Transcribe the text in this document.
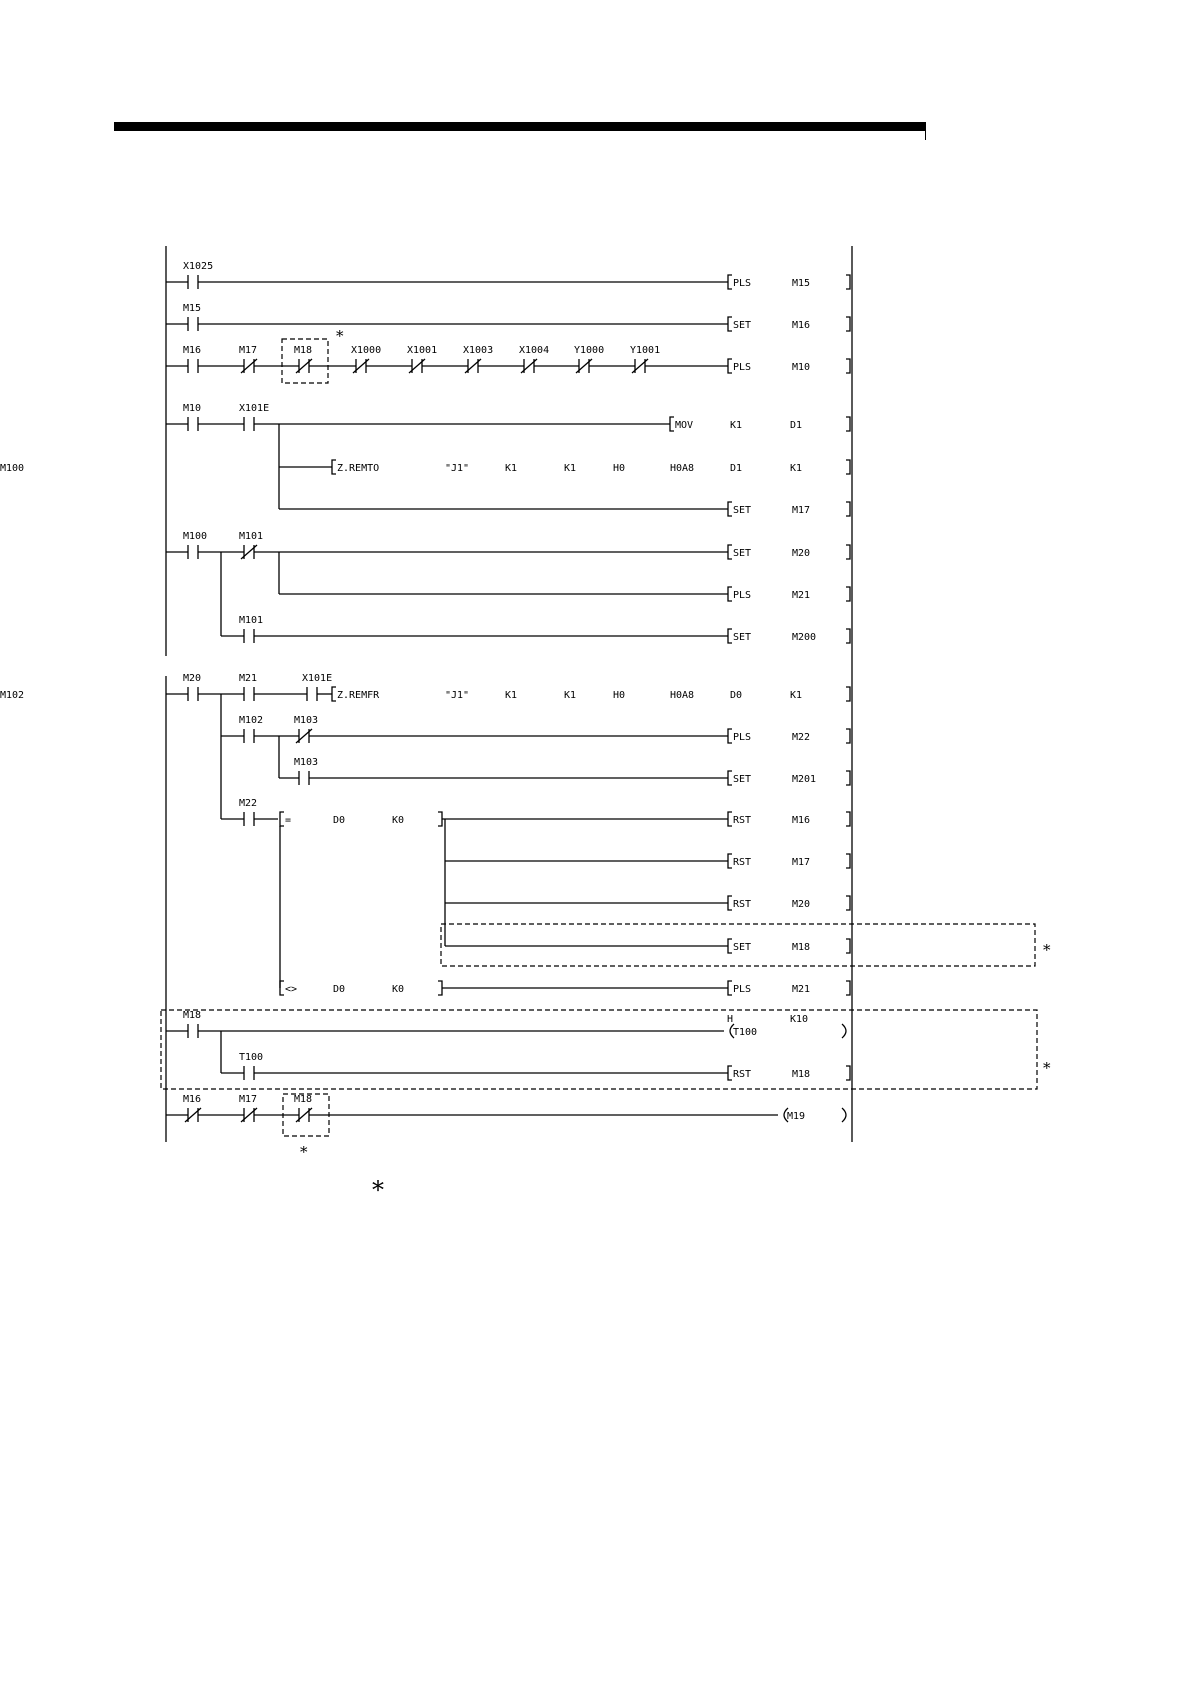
X1025
PLS	M15
M15
SET	M16
M16	M17	M18	X1000	X1001	X1003	X1004 Y1000	Y1001
*
PLS	M10
M10	X101E
MOV	K1	D1
Z.REMTO	"J1"	K1	K1	H0	H0A8	D1	K1
M100
SET	M17
M100	M101
SET	M20
PLS	M21
M101
SET	M200
M20	M21	X101E
Z.REMFR	"J1"	K1	K1	H0	H0A8	D0	K1
M102
M102	M103
PLS	M22
M103
SET	M201
M22
=	D0	K0	RST	M16
RST	M17
RST	M20
SET	M18	*
<>	D0	K0	PLS	M21
*
M18	H
T100
K10
T100
RST	M18
M16	M17	M18
*
M19
*
